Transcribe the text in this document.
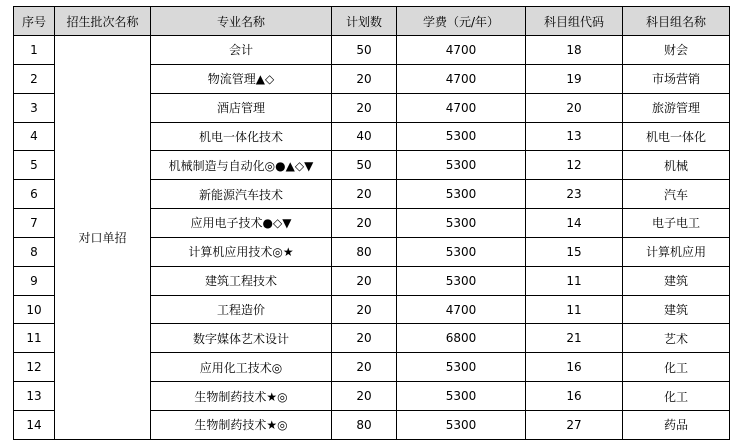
序号	招生批次名称	专业名称	计划数	学费（元/年）	科目组代码	科目组名称
1	对口单招	会计	50	4700	18	财会
2		物流管理▲◇	20	4700	19	市场营销
3		酒店管理	20	4700	20	旅游管理
4		机电一体化技术	40	5300	13	机电一体化
5		机械制造与自动化◎●▲◇▼	50	5300	12	机械
6		新能源汽车技术	20	5300	23	汽车
7		应用电子技术●◇▼	20	5300	14	电子电工
8		计算机应用技术◎★	80	5300	15	计算机应用
9		建筑工程技术	20	5300	11	建筑
10		工程造价	20	4700	11	建筑
11		数字媒体艺术设计	20	6800	21	艺术
12		应用化工技术◎	20	5300	16	化工
13		生物制药技术★◎	20	5300	16	化工
14		生物制药技术★◎	80	5300	27	药品
